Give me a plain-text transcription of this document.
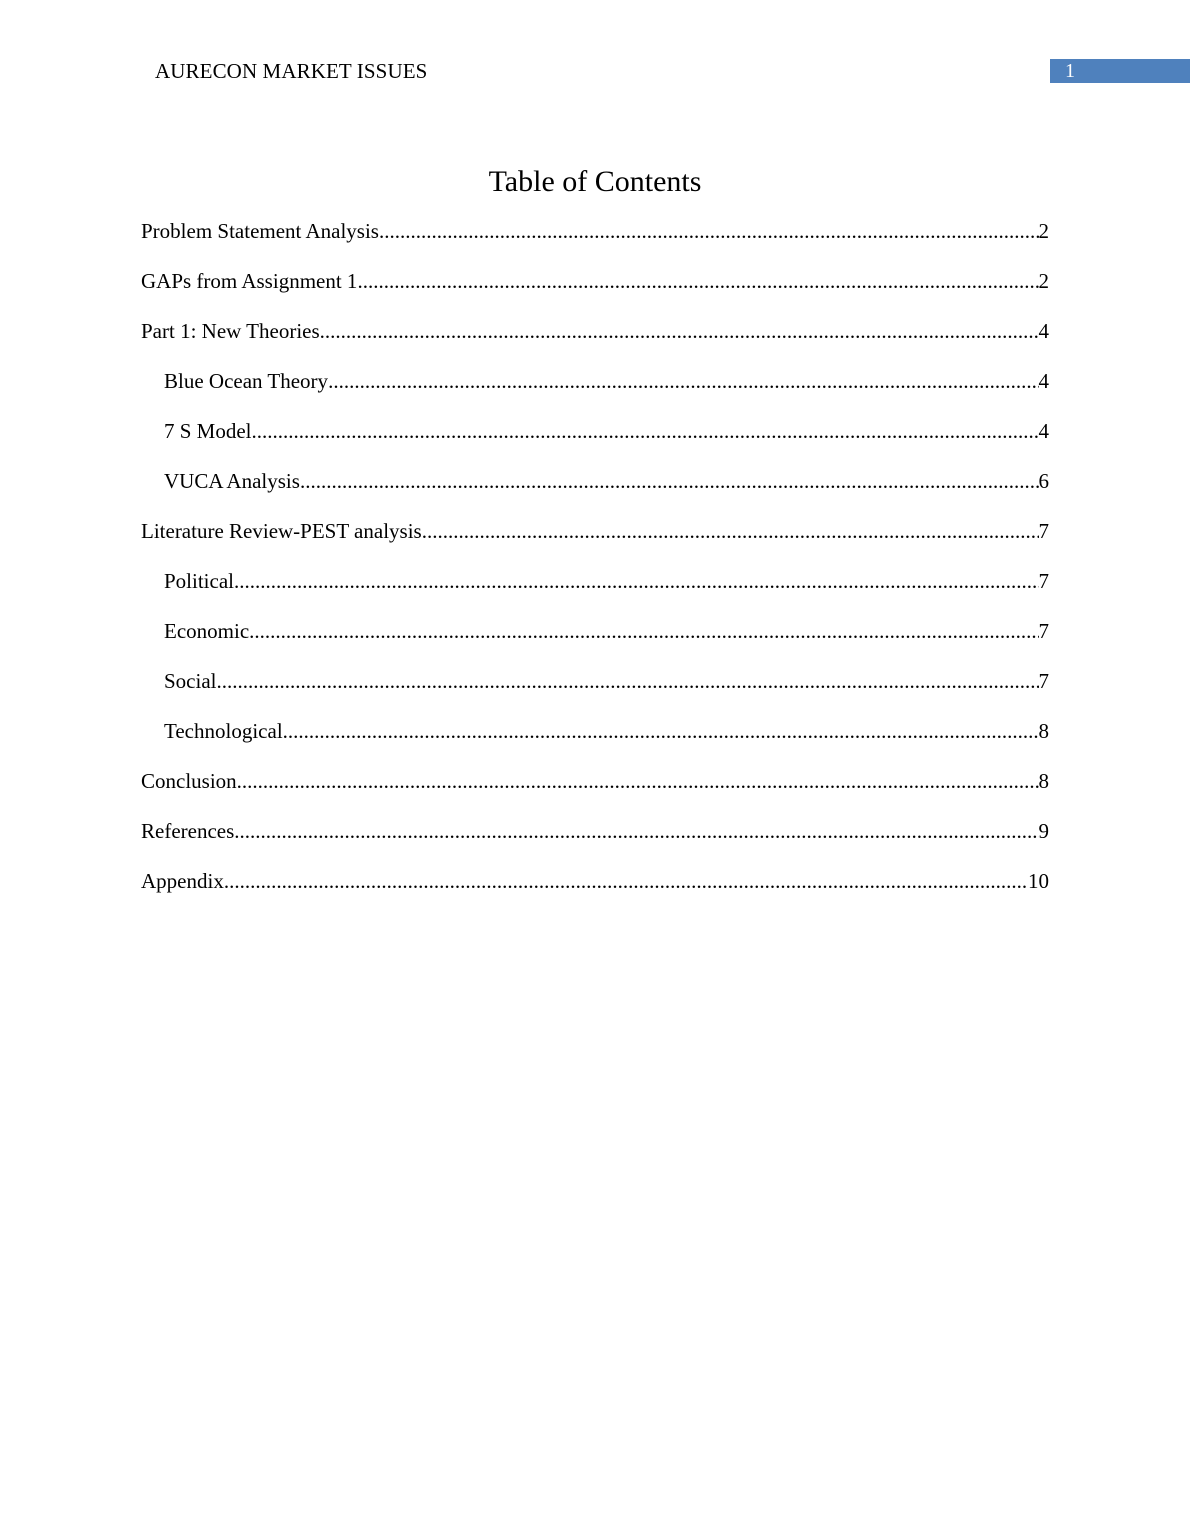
AURECON MARKET ISSUES	1
Table of Contents
Problem Statement Analysis .....	2
GAPs from Assignment 1 .....	2
Part 1: New Theories .....	4
Blue Ocean Theory .....	4
7 S Model .....	4
VUCA Analysis .....	6
Literature Review-PEST analysis .....	7
Political .....	7
Economic .....	7
Social .....	7
Technological .....	8
Conclusion .....	8
References .....	9
Appendix .....	10
